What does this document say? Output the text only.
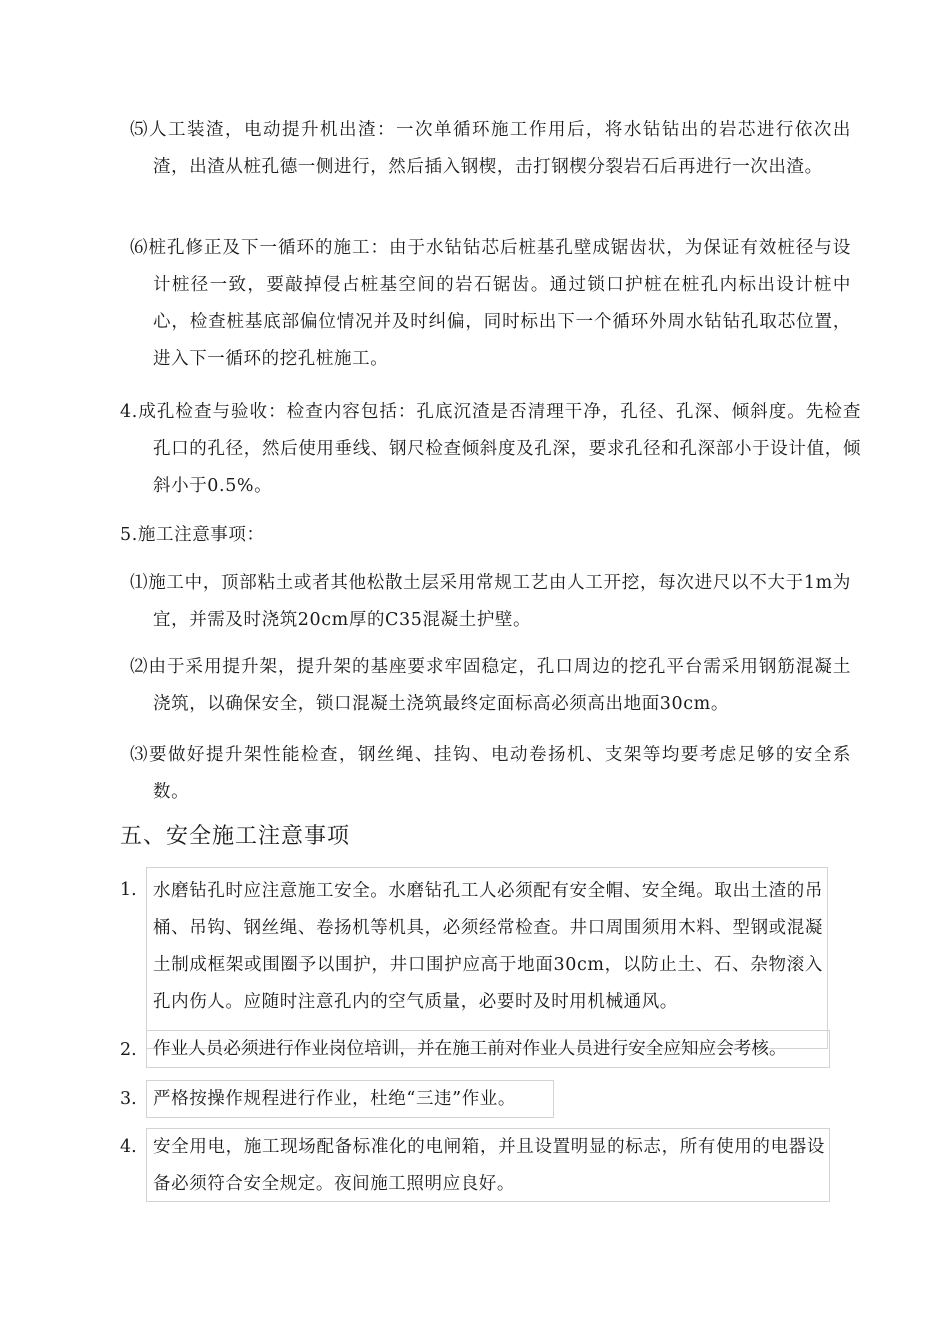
⑸人工装渣，电动提升机出渣：一次单循环施工作用后，将水钻钻出的岩芯进行依次出渣，出渣从桩孔德一侧进行，然后插入钢楔，击打钢楔分裂岩石后再进行一次出渣。
⑹桩孔修正及下一循环的施工：由于水钻钻芯后桩基孔壁成锯齿状，为保证有效桩径与设计桩径一致，要敲掉侵占桩基空间的岩石锯齿。通过锁口护桩在桩孔内标出设计桩中心，检查桩基底部偏位情况并及时纠偏，同时标出下一个循环外周水钻钻孔取芯位置，进入下一循环的挖孔桩施工。
4.成孔检查与验收：检查内容包括：孔底沉渣是否清理干净，孔径、孔深、倾斜度。先检查孔口的孔径，然后使用垂线、钢尺检查倾斜度及孔深，要求孔径和孔深部小于设计值，倾斜小于0.5%。
5.施工注意事项：
⑴施工中，顶部粘土或者其他松散土层采用常规工艺由人工开挖，每次进尺以不大于1m为宜，并需及时浇筑20cm厚的C35混凝土护壁。
⑵由于采用提升架，提升架的基座要求牢固稳定，孔口周边的挖孔平台需采用钢筋混凝土浇筑，以确保安全，锁口混凝土浇筑最终定面标高必须高出地面30cm。
⑶要做好提升架性能检查，钢丝绳、挂钩、电动卷扬机、支架等均要考虑足够的安全系数。
五、安全施工注意事项
1. 水磨钻孔时应注意施工安全。水磨钻孔工人必须配有安全帽、安全绳。取出土渣的吊桶、吊钩、钢丝绳、卷扬机等机具，必须经常检查。井口周围须用木料、型钢或混凝土制成框架或围圈予以围护，井口围护应高于地面30cm，以防止土、石、杂物滚入孔内伤人。应随时注意孔内的空气质量，必要时及时用机械通风。
2. 作业人员必须进行作业岗位培训，并在施工前对作业人员进行安全应知应会考核。
3. 严格按操作规程进行作业，杜绝“三违”作业。
4. 安全用电，施工现场配备标准化的电闸箱，并且设置明显的标志，所有使用的电器设备必须符合安全规定。夜间施工照明应良好。
